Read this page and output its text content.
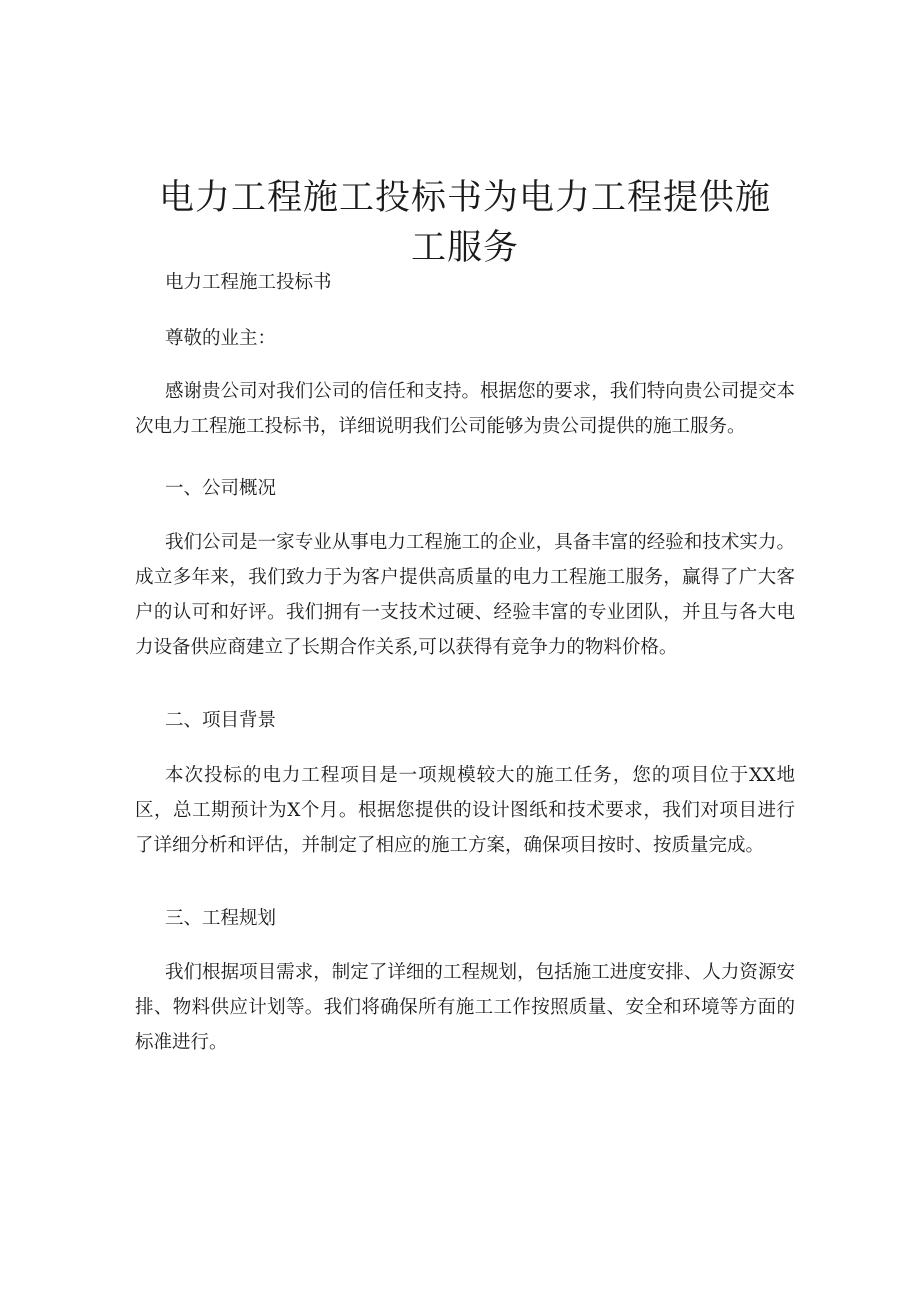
电力工程施工投标书为电力工程提供施工服务

电力工程施工投标书

尊敬的业主：

感谢贵公司对我们公司的信任和支持。根据您的要求，我们特向贵公司提交本次电力工程施工投标书，详细说明我们公司能够为贵公司提供的施工服务。

一、公司概况

我们公司是一家专业从事电力工程施工的企业，具备丰富的经验和技术实力。成立多年来，我们致力于为客户提供高质量的电力工程施工服务，赢得了广大客户的认可和好评。我们拥有一支技术过硬、经验丰富的专业团队，并且与各大电力设备供应商建立了长期合作关系,可以获得有竞争力的物料价格。

二、项目背景

本次投标的电力工程项目是一项规模较大的施工任务，您的项目位于XX地区，总工期预计为X个月。根据您提供的设计图纸和技术要求，我们对项目进行了详细分析和评估，并制定了相应的施工方案，确保项目按时、按质量完成。

三、工程规划

我们根据项目需求，制定了详细的工程规划，包括施工进度安排、人力资源安排、物料供应计划等。我们将确保所有施工工作按照质量、安全和环境等方面的标准进行。
